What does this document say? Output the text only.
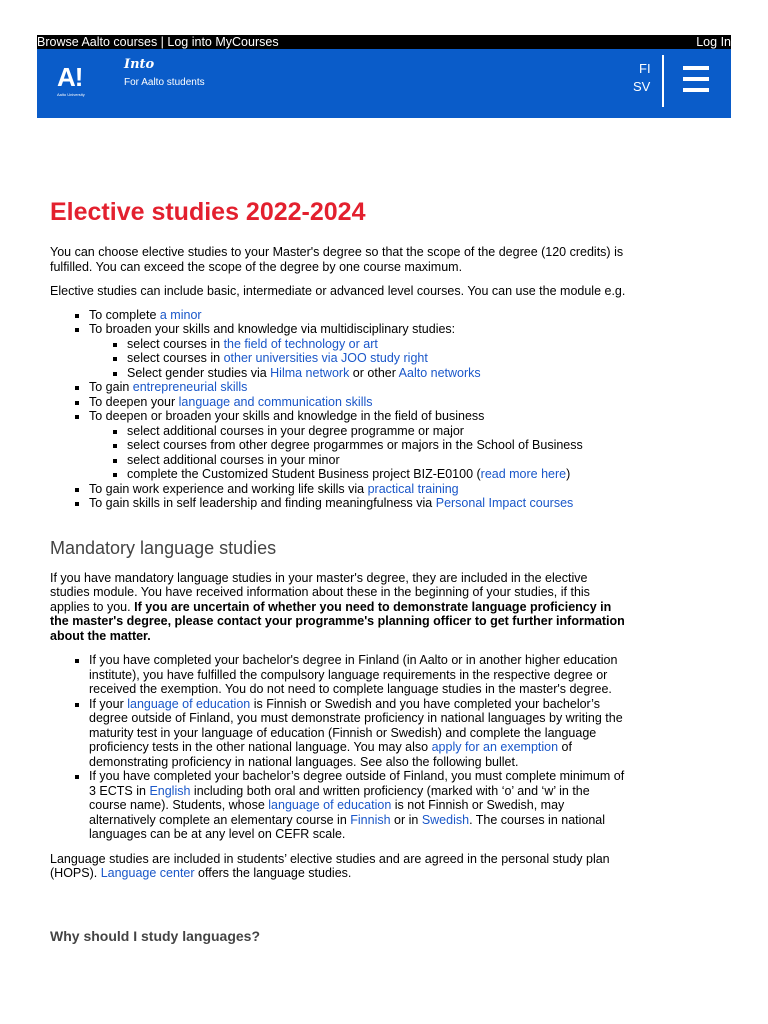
Browse Aalto courses | Log into MyCourses	Log In
A!
Aalto University
Into
For Aalto students
FI
SV
Elective studies 2022-2024

You can choose elective studies to your Master's degree so that the scope of the degree (120 credits) is fulfilled. You can exceed the scope of the degree by one course maximum.

Elective studies can include basic, intermediate or advanced level courses. You can use the module e.g.

▪ To complete a minor
▪ To broaden your skills and knowledge via multidisciplinary studies:
▪ select courses in the field of technology or art
▪ select courses in other universities via JOO study right
▪ Select gender studies via Hilma network or other Aalto networks
▪ To gain entrepreneurial skills
▪ To deepen your language and communication skills
▪ To deepen or broaden your skills and knowledge in the field of business
▪ select additional courses in your degree programme or major
▪ select courses from other degree progarmmes or majors in the School of Business
▪ select additional courses in your minor
▪ complete the Customized Student Business project BIZ-E0100 (read more here)
▪ To gain work experience and working life skills via practical training
▪ To gain skills in self leadership and finding meaningfulness via Personal Impact courses
Mandatory language studies

If you have mandatory language studies in your master's degree, they are included in the elective studies module. You have received information about these in the beginning of your studies, if this applies to you. If you are uncertain of whether you need to demonstrate language proficiency in the master's degree, please contact your programme's planning officer to get further information about the matter.

▪ If you have completed your bachelor's degree in Finland (in Aalto or in another higher education institute), you have fulfilled the compulsory language requirements in the respective degree or received the exemption. You do not need to complete language studies in the master's degree.
▪ If your language of education is Finnish or Swedish and you have completed your bachelor’s degree outside of Finland, you must demonstrate proficiency in national languages by writing the maturity test in your language of education (Finnish or Swedish) and complete the language proficiency tests in the other national language. You may also apply for an exemption of demonstrating proficiency in national languages. See also the following bullet.
▪ If you have completed your bachelor’s degree outside of Finland, you must complete minimum of 3 ECTS in English including both oral and written proficiency (marked with ‘o’ and ‘w’ in the course name). Students, whose language of education is not Finnish or Swedish, may alternatively complete an elementary course in Finnish or in Swedish. The courses in national languages can be at any level on CEFR scale.

Language studies are included in students’ elective studies and are agreed in the personal study plan (HOPS). Language center offers the language studies.

Why should I study languages?
